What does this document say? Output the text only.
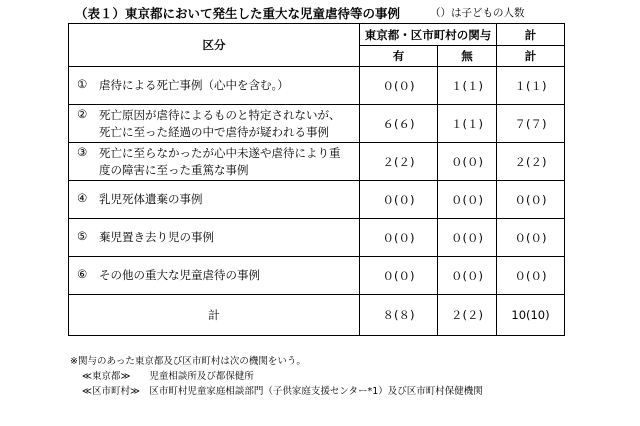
（表１）東京都において発生した重大な児童虐待等の事例	（）は子どもの人数
区分	東京都・区市町村の関与		計
	有	無	計

① 虐待による死亡事例（心中を含む。）	０(０)	１(１)	１(１)

② 死亡原因が虐待によるものと特定されないが、死亡に至った経過の中で虐待が疑われる事例	６(６)	１(１)	７(７)

③ 死亡に至らなかったが心中未遂や虐待により重度の障害に至った重篤な事例	２(２)	０(０)	２(２)

④ 乳児死体遺棄の事例	０(０)	０(０)	０(０)

⑤ 棄児置き去り児の事例	０(０)	０(０)	０(０)

⑥ その他の重大な児童虐待の事例	０(０)	０(０)	０(０)
計	８(８)	２(２)	10(10)
※関与のあった東京都及び区市町村は次の機関をいう。
≪東京都≫　　児童相談所及び都保健所
≪区市町村≫　区市町村児童家庭相談部門（子供家庭支援センター*1）及び区市町村保健機関
